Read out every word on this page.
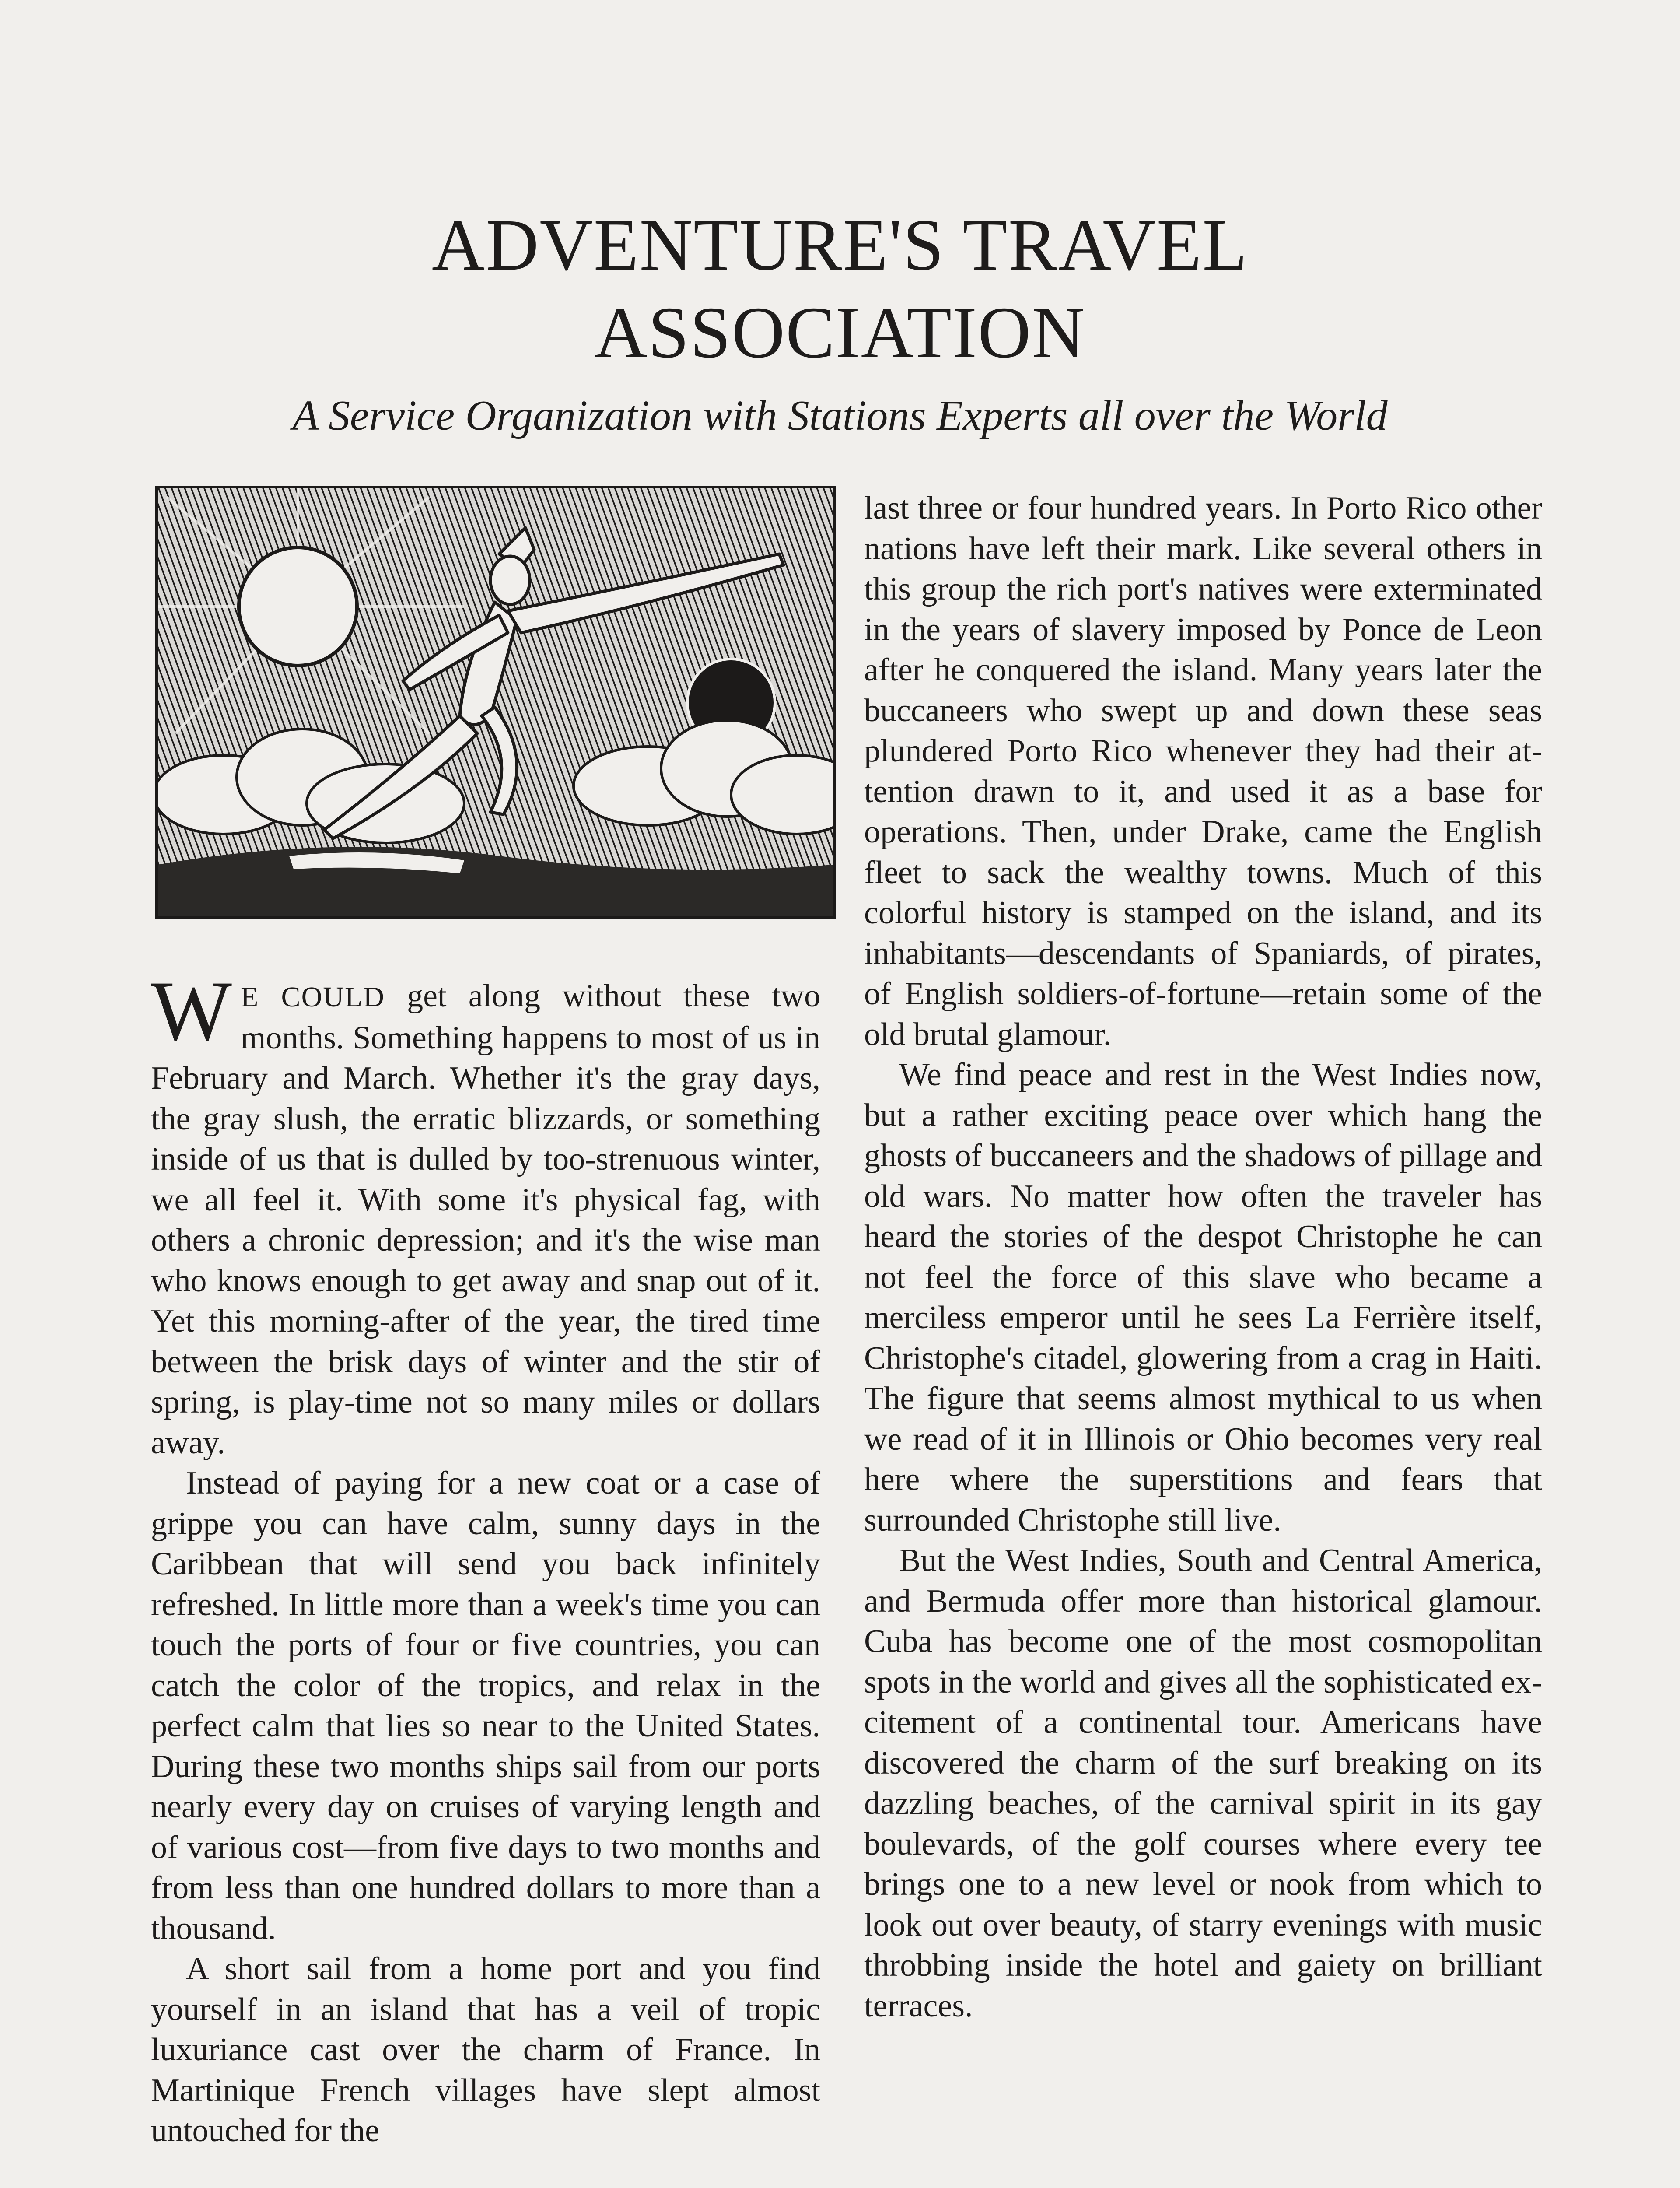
ADVENTURE'S TRAVEL
ASSOCIATION
A Service Organization with Stations Experts all over the World

W E COULD get along without these two months. Something happens to most of us in February and March. Whether it's the gray days, the gray slush, the erratic blizzards, or something inside of us that is dulled by too-strenuous winter, we all feel it. With some it's physical fag, with others a chronic depression; and it's the wise man who knows enough to get away and snap out of it. Yet this morning-after of the year, the tired time between the brisk days of winter and the stir of spring, is play-time not so many miles or dollars away.

Instead of paying for a new coat or a case of grippe you can have calm, sunny days in the Caribbean that will send you back infinitely refreshed. In little more than a week's time you can touch the ports of four or five countries, you can catch the color of the tropics, and relax in the perfect calm that lies so near to the United States. During these two months ships sail from our ports nearly every day on cruises of varying length and of various cost—from five days to two months and from less than one hundred dollars to more than a thousand.

A short sail from a home port and you find yourself in an island that has a veil of tropic luxuriance cast over the charm of France. In Martinique French villages have slept almost untouched for the

last three or four hundred years. In Porto Rico other nations have left their mark. Like several others in this group the rich port's natives were exterminated in the years of slavery imposed by Ponce de Leon after he conquered the island. Many years later the buccaneers who swept up and down these seas plundered Porto Rico whenever they had their attention drawn to it, and used it as a base for operations. Then, under Drake, came the English fleet to sack the wealthy towns. Much of this colorful history is stamped on the island, and its inhabitants—descendants of Spaniards, of pirates, of English soldiers-of-fortune—retain some of the old brutal glamour.

We find peace and rest in the West Indies now, but a rather exciting peace over which hang the ghosts of buccaneers and the shadows of pillage and old wars. No matter how often the traveler has heard the stories of the despot Christophe he can not feel the force of this slave who became a merciless emperor until he sees La Ferrière itself, Christophe's citadel, glowering from a crag in Haiti. The figure that seems almost mythical to us when we read of it in Illinois or Ohio becomes very real here where the superstitions and fears that surrounded Christophe still live.

But the West Indies, South and Central America, and Bermuda offer more than historical glamour. Cuba has become one of the most cosmopolitan spots in the world and gives all the sophisticated excitement of a continental tour. Americans have discovered the charm of the surf breaking on its dazzling beaches, of the carnival spirit in its gay boulevards, of the golf courses where every tee brings one to a new level or nook from which to look out over beauty, of starry evenings with music throbbing inside the hotel and gaiety on brilliant terraces.
